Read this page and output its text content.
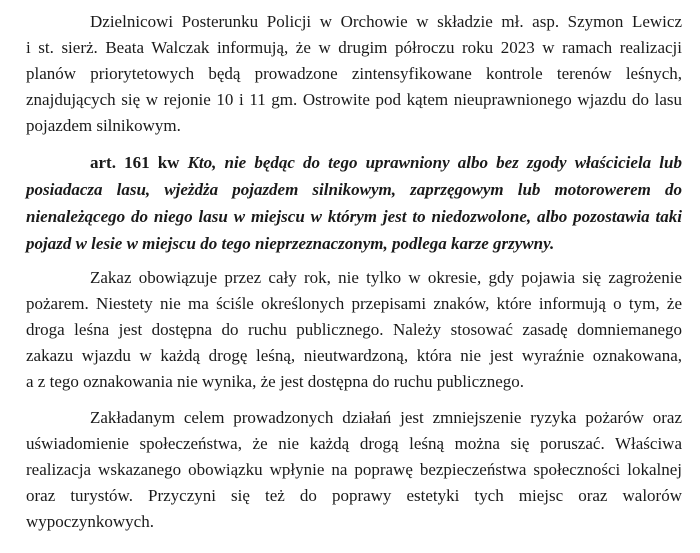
Dzielnicowi Posterunku Policji w Orchowie w składzie mł. asp. Szymon Lewicz

i st. sierż. Beata Walczak informują, że w drugim półroczu roku 2023 w ramach realizacji

planów priorytetowych będą prowadzone zintensyfikowane kontrole terenów leśnych,

znajdujących się w rejonie 10 i 11 gm. Ostrowite pod kątem nieuprawnionego wjazdu do lasu

pojazdem silnikowym.

art. 161 kw Kto, nie będąc do tego uprawniony albo bez zgody właściciela lub

posiadacza lasu, wjeżdża pojazdem silnikowym, zaprzęgowym lub motorowerem do

nienależącego do niego lasu w miejscu w którym jest to niedozwolone, albo pozostawia taki

pojazd w lesie w miejscu do tego nieprzeznaczonym, podlega karze grzywny.

Zakaz obowiązuje przez cały rok, nie tylko w okresie, gdy pojawia się zagrożenie

pożarem. Niestety nie ma ściśle określonych przepisami znaków, które informują o tym, że

droga leśna jest dostępna do ruchu publicznego. Należy stosować zasadę domniemanego

zakazu wjazdu w każdą drogę leśną, nieutwardzoną, która nie jest wyraźnie oznakowana,

a z tego oznakowania nie wynika, że jest dostępna do ruchu publicznego.

Zakładanym celem prowadzonych działań jest zmniejszenie ryzyka pożarów oraz

uświadomienie społeczeństwa, że nie każdą drogą leśną można się poruszać. Właściwa

realizacja wskazanego obowiązku wpłynie na poprawę bezpieczeństwa społeczności lokalnej

oraz turystów. Przyczyni się też do poprawy estetyki tych miejsc oraz walorów

wypoczynkowych.
